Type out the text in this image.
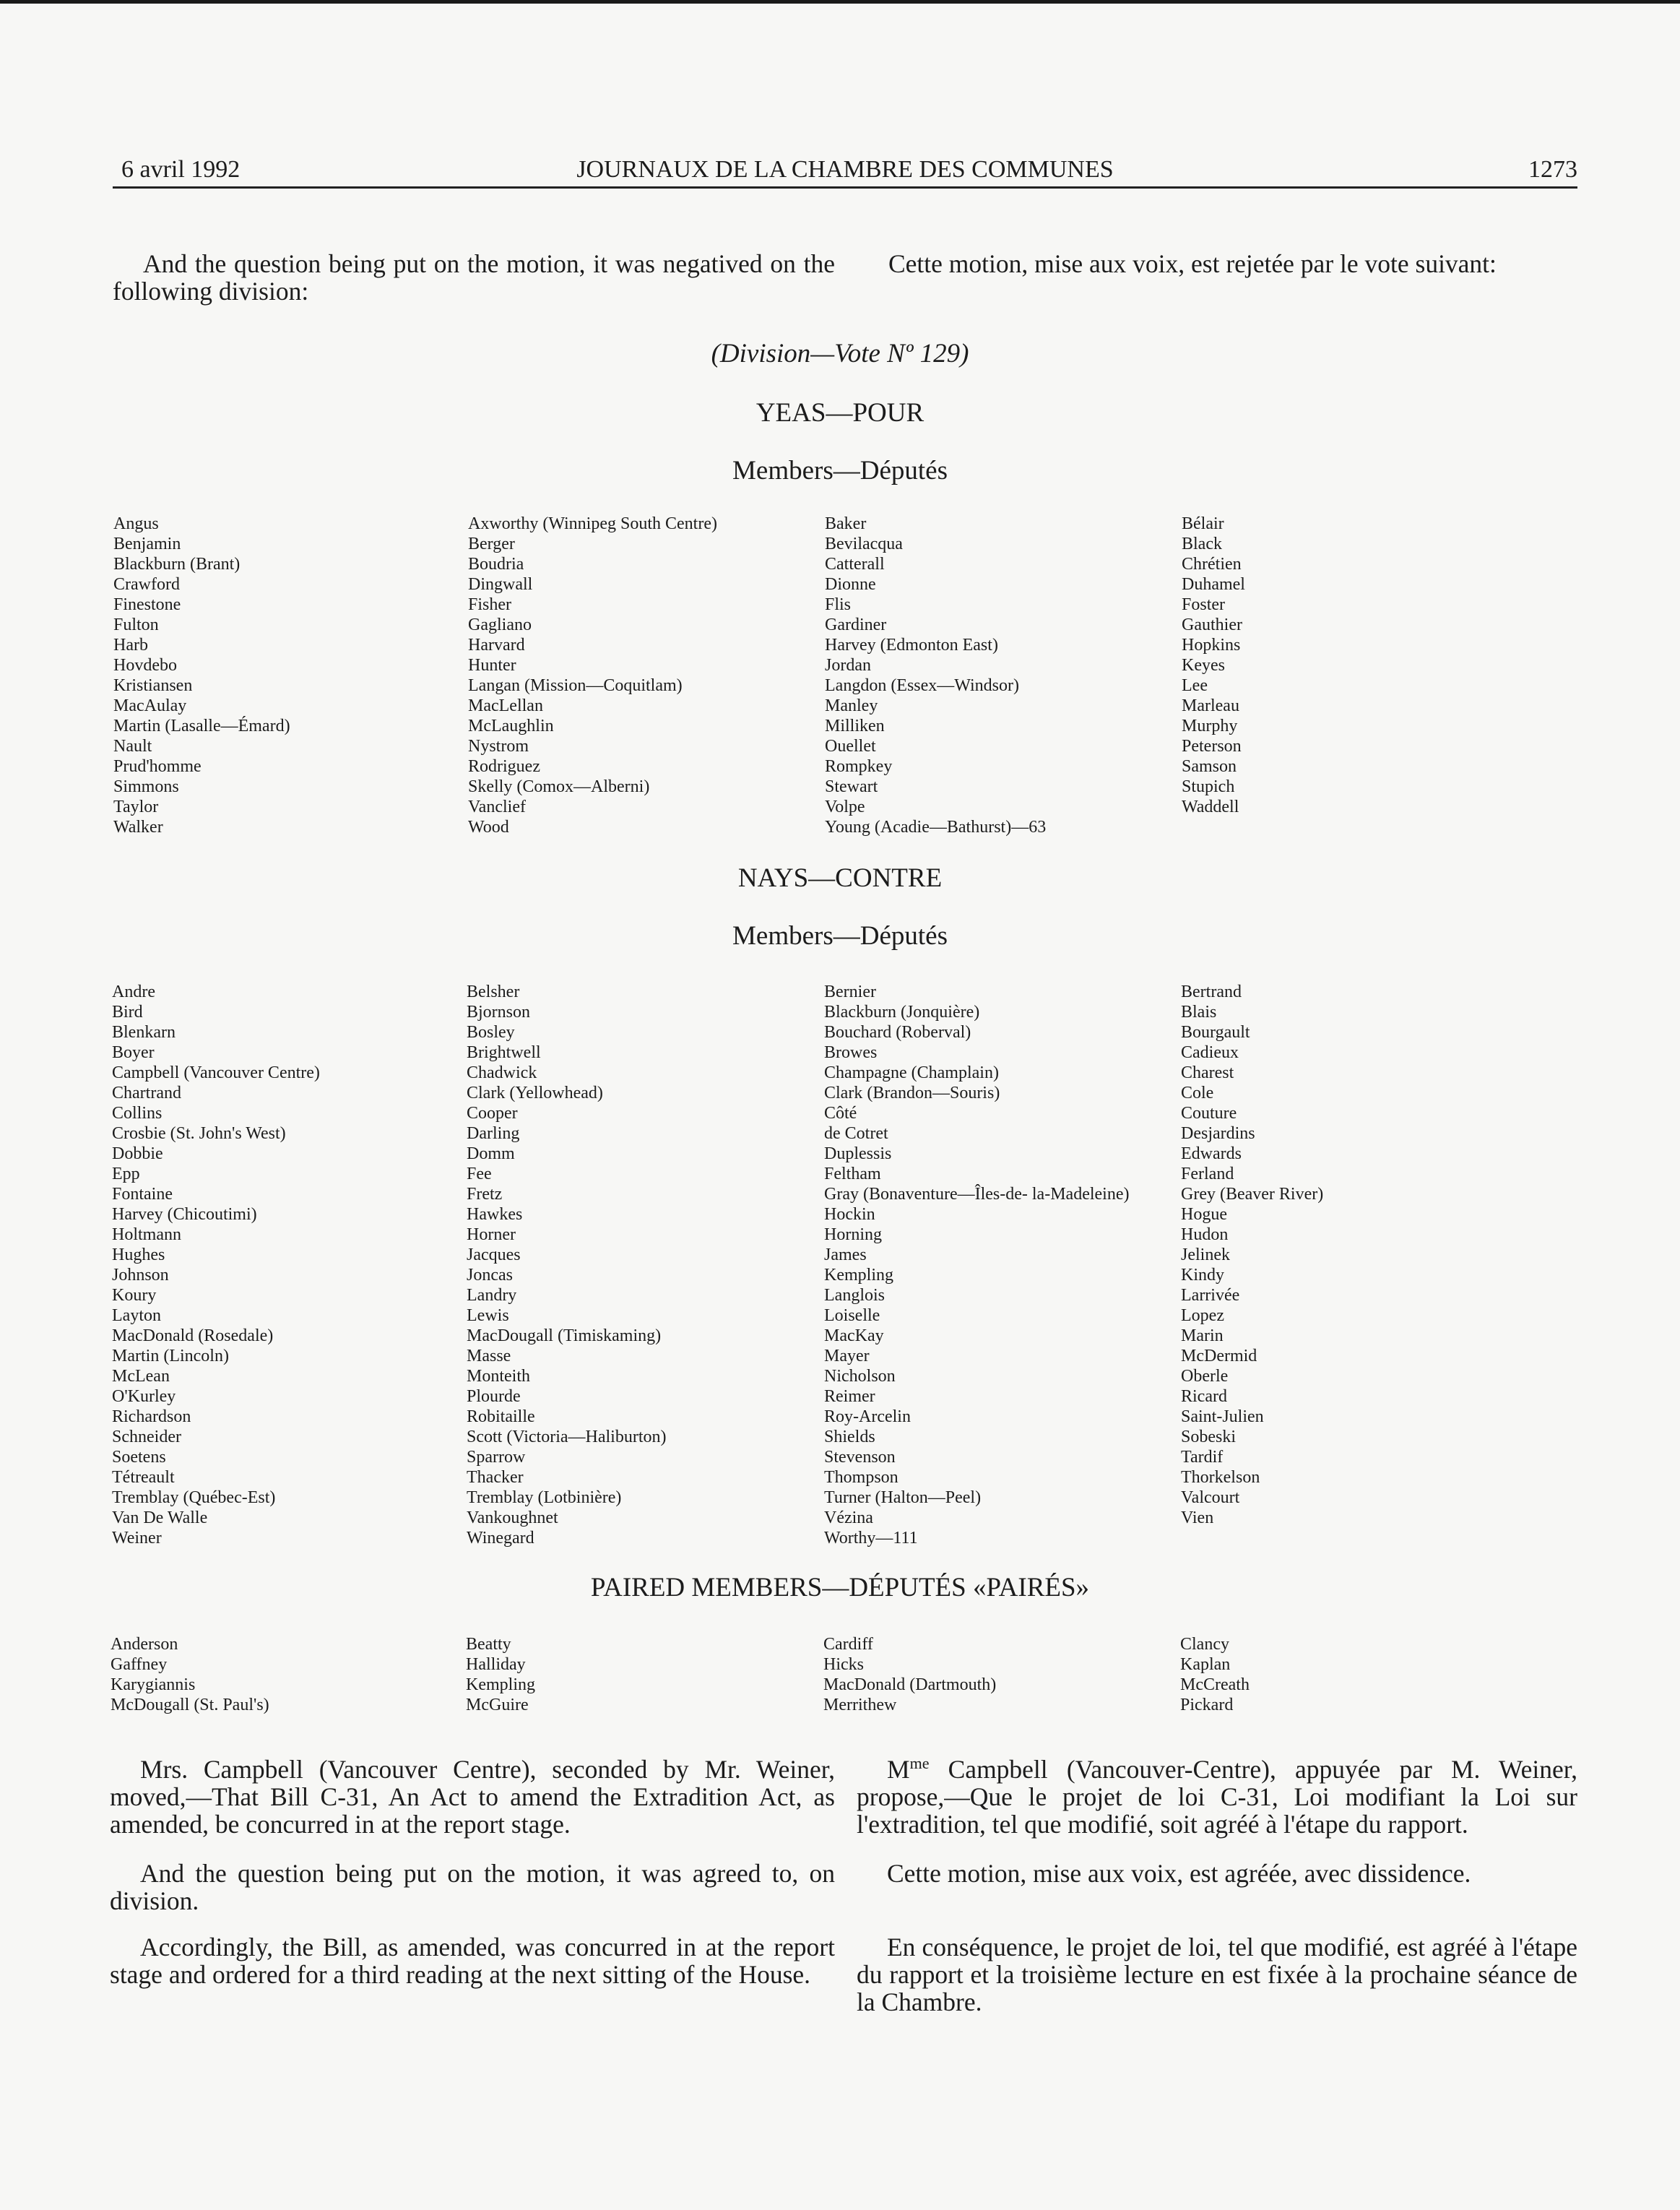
6 avril 1992	JOURNAUX DE LA CHAMBRE DES COMMUNES	1273

And the question being put on the motion, it was negatived on the following division:

Cette motion, mise aux voix, est rejetée par le vote suivant:

(Division—Vote Nº 129)
YEAS—POUR
Members—Députés
Angus
Benjamin
Blackburn (Brant)
Crawford
Finestone
Fulton
Harb
Hovdebo
Kristiansen
MacAulay
Martin (Lasalle—Émard)
Nault
Prud'homme
Simmons
Taylor
Walker
Axworthy (Winnipeg South Centre)
Berger
Boudria
Dingwall
Fisher
Gagliano
Harvard
Hunter
Langan (Mission—Coquitlam)
MacLellan
McLaughlin
Nystrom
Rodriguez
Skelly (Comox—Alberni)
Vanclief
Wood
Baker
Bevilacqua
Catterall
Dionne
Flis
Gardiner
Harvey (Edmonton East)
Jordan
Langdon (Essex—Windsor)
Manley
Milliken
Ouellet
Rompkey
Stewart
Volpe
Young (Acadie—Bathurst)—63
Bélair
Black
Chrétien
Duhamel
Foster
Gauthier
Hopkins
Keyes
Lee
Marleau
Murphy
Peterson
Samson
Stupich
Waddell
NAYS—CONTRE
Members—Députés
Andre
Bird
Blenkarn
Boyer
Campbell (Vancouver Centre)
Chartrand
Collins
Crosbie (St. John's West)
Dobbie
Epp
Fontaine
Harvey (Chicoutimi)
Holtmann
Hughes
Johnson
Koury
Layton
MacDonald (Rosedale)
Martin (Lincoln)
McLean
O'Kurley
Richardson
Schneider
Soetens
Tétreault
Tremblay (Québec-Est)
Van De Walle
Weiner
Belsher
Bjornson
Bosley
Brightwell
Chadwick
Clark (Yellowhead)
Cooper
Darling
Domm
Fee
Fretz
Hawkes
Horner
Jacques
Joncas
Landry
Lewis
MacDougall (Timiskaming)
Masse
Monteith
Plourde
Robitaille
Scott (Victoria—Haliburton)
Sparrow
Thacker
Tremblay (Lotbinière)
Vankoughnet
Winegard
Bernier
Blackburn (Jonquière)
Bouchard (Roberval)
Browes
Champagne (Champlain)
Clark (Brandon—Souris)
Côté
de Cotret
Duplessis
Feltham
Gray (Bonaventure—Îles-de- la-Madeleine)
Hockin
Horning
James
Kempling
Langlois
Loiselle
MacKay
Mayer
Nicholson
Reimer
Roy-Arcelin
Shields
Stevenson
Thompson
Turner (Halton—Peel)
Vézina
Worthy—111
Bertrand
Blais
Bourgault
Cadieux
Charest
Cole
Couture
Desjardins
Edwards
Ferland
Grey (Beaver River)
Hogue
Hudon
Jelinek
Kindy
Larrivée
Lopez
Marin
McDermid
Oberle
Ricard
Saint-Julien
Sobeski
Tardif
Thorkelson
Valcourt
Vien
PAIRED MEMBERS—DÉPUTÉS «PAIRÉS»
Anderson
Gaffney
Karygiannis
McDougall (St. Paul's)
Beatty
Halliday
Kempling
McGuire
Cardiff
Hicks
MacDonald (Dartmouth)
Merrithew
Clancy
Kaplan
McCreath
Pickard

Mrs. Campbell (Vancouver Centre), seconded by Mr. Weiner, moved,—That Bill C-31, An Act to amend the Extradition Act, as amended, be concurred in at the report stage.

$M^{me}$ Campbell (Vancouver-Centre), appuyée par M. Weiner, propose,—Que le projet de loi C-31, Loi modifiant la Loi sur l'extradition, tel que modifié, soit agréé à l'étape du rapport.

And the question being put on the motion, it was agreed to, on division.

Cette motion, mise aux voix, est agréée, avec dissidence.

Accordingly, the Bill, as amended, was concurred in at the report stage and ordered for a third reading at the next sitting of the House.

En conséquence, le projet de loi, tel que modifié, est agréé à l'étape du rapport et la troisième lecture en est fixée à la prochaine séance de la Chambre.
